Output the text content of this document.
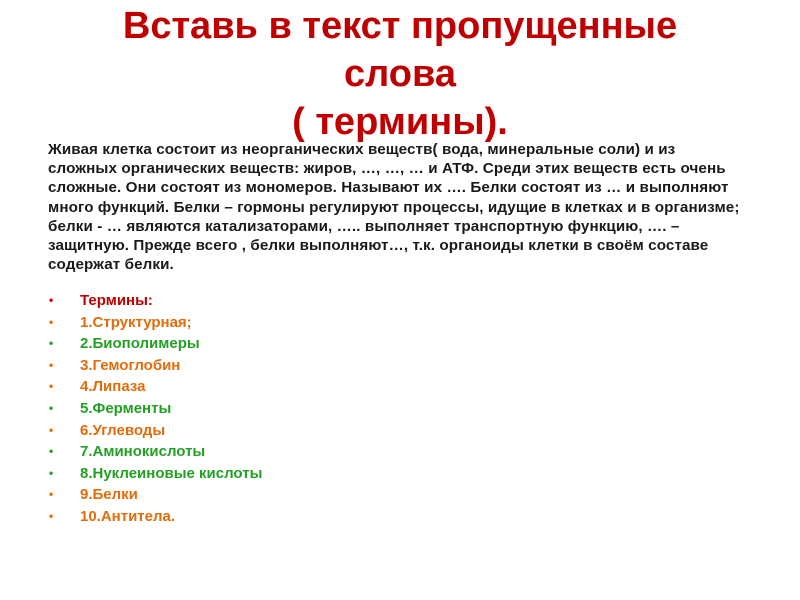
Вставь в текст пропущенные
слова
( термины).

Живая клетка состоит из неорганических веществ( вода, минеральные соли) и из сложных органических веществ: жиров, …, …, … и АТФ. Среди этих веществ есть очень сложные. Они состоят из мономеров. Называют их …. Белки состоят из … и выполняют много функций. Белки – гормоны регулируют процессы, идущие в клетках и в организме; белки - … являются катализаторами, ….. выполняет транспортную функцию, …. – защитную. Прежде всего , белки выполняют…, т.к. органоиды клетки в своём составе содержат белки.

• Термины:
• 1.Структурная;
• 2.Биополимеры
• 3.Гемоглобин
• 4.Липаза
• 5.Ферменты
• 6.Углеводы
• 7.Аминокислоты
• 8.Нуклеиновые кислоты
• 9.Белки
• 10.Антитела.
